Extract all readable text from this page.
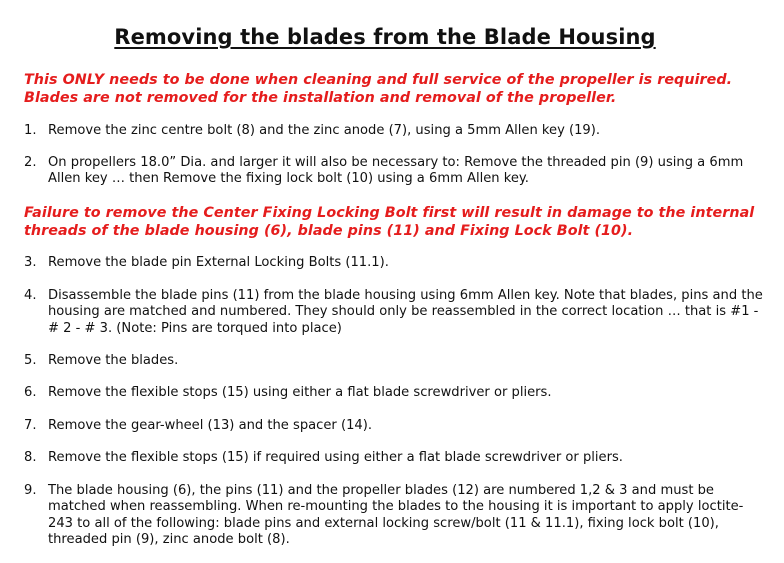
Removing the blades from the Blade Housing
This ONLY needs to be done when cleaning and full service of the propeller is required. Blades are not removed for the installation and removal of the propeller.
1. Remove the zinc centre bolt (8) and the zinc anode (7), using a 5mm Allen key (19).
2. On propellers 18.0” Dia. and larger it will also be necessary to: Remove the threaded pin (9) using a 6mm Allen key … then Remove the fixing lock bolt (10) using a 6mm Allen key.
Failure to remove the Center Fixing Locking Bolt first will result in damage to the internal threads of the blade housing (6), blade pins (11) and Fixing Lock Bolt (10).
3. Remove the blade pin External Locking Bolts (11.1).
4. Disassemble the blade pins (11) from the blade housing using 6mm Allen key. Note that blades, pins and the housing are matched and numbered. They should only be reassembled in the correct location … that is #1 - # 2 - # 3. (Note: Pins are torqued into place)
5. Remove the blades.
6. Remove the flexible stops (15) using either a flat blade screwdriver or pliers.
7. Remove the gear-wheel (13) and the spacer (14).
8. Remove the flexible stops (15) if required using either a flat blade screwdriver or pliers.
9. The blade housing (6), the pins (11) and the propeller blades (12) are numbered 1,2 & 3 and must be matched when reassembling. When re-mounting the blades to the housing it is important to apply loctite-243 to all of the following: blade pins and external locking screw/bolt (11 & 11.1), fixing lock bolt (10), threaded pin (9), zinc anode bolt (8).
